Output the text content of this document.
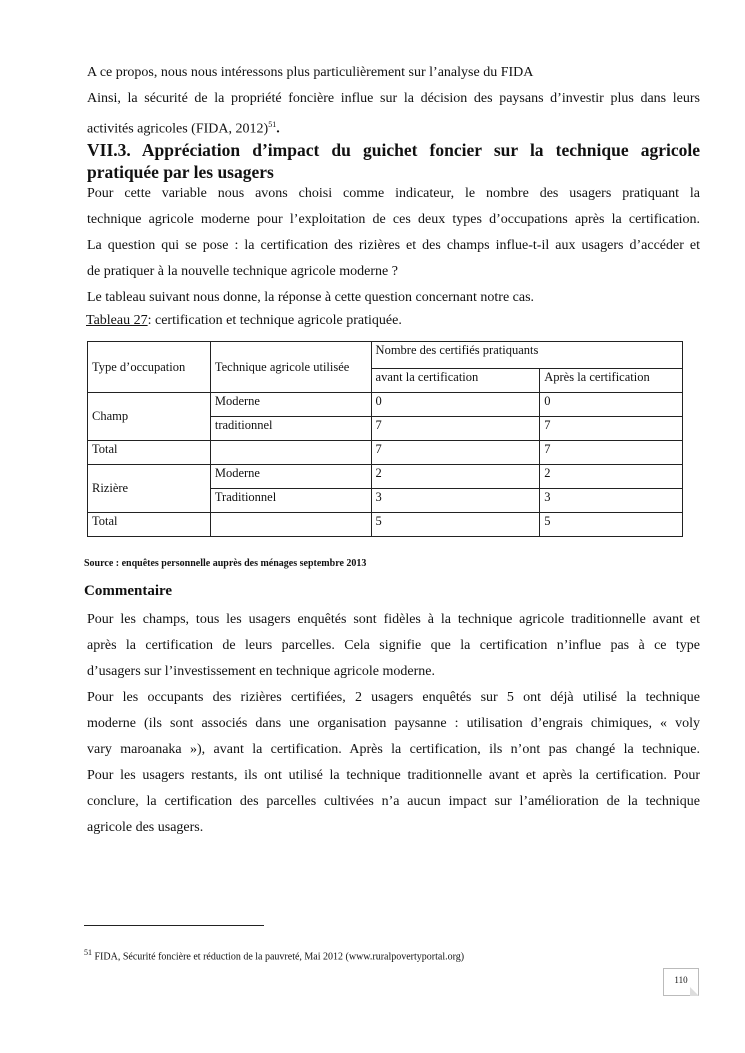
A ce propos, nous nous intéressons plus particulièrement sur l’analyse du FIDA
Ainsi, la sécurité de la propriété foncière influe sur la décision des paysans d’investir plus dans leurs
activités agricoles (FIDA, 2012)$^{51}$.
VII.3. Appréciation d’impact du guichet foncier sur la technique agricole pratiquée par les usagers
Pour cette variable nous avons choisi comme indicateur, le nombre des usagers pratiquant la
technique agricole moderne pour l’exploitation de ces deux types d’occupations après la certification.
La question qui se pose : la certification des rizières et des champs influe-t-il aux usagers d’accéder et
de pratiquer à la nouvelle technique agricole moderne ?
Le tableau suivant nous donne, la réponse à cette question concernant notre cas.
Tableau 27: certification et technique agricole pratiquée.
Type d’occupation	Technique agricole utilisée	Nombre des certifiés pratiquants	
		avant la certification	Après la certification
Champ	Moderne	0	0
	traditionnel	7	7
Total		7	7
Rizière	Moderne	2	2
	Traditionnel	3	3
Total		5	5
Source : enquêtes personnelle auprès des ménages septembre 2013
Commentaire
Pour les champs, tous les usagers enquêtés sont fidèles à la technique agricole traditionnelle avant et
après la certification de leurs parcelles. Cela signifie que la certification n’influe pas à ce type
d’usagers sur l’investissement en technique agricole moderne.
Pour les occupants des rizières certifiées, 2 usagers enquêtés sur 5 ont déjà utilisé la technique
moderne (ils sont associés dans une organisation paysanne : utilisation d’engrais chimiques, « voly
vary maroanaka »), avant la certification. Après la certification, ils n’ont pas changé la technique.
Pour les usagers restants, ils ont utilisé la technique traditionnelle avant et après la certification. Pour
conclure, la certification des parcelles cultivées n’a aucun impact sur l’amélioration de la technique
agricole des usagers.
$^{51}$ FIDA, Sécurité foncière et réduction de la pauvreté, Mai 2012 (www.ruralpovertyportal.org)
110
